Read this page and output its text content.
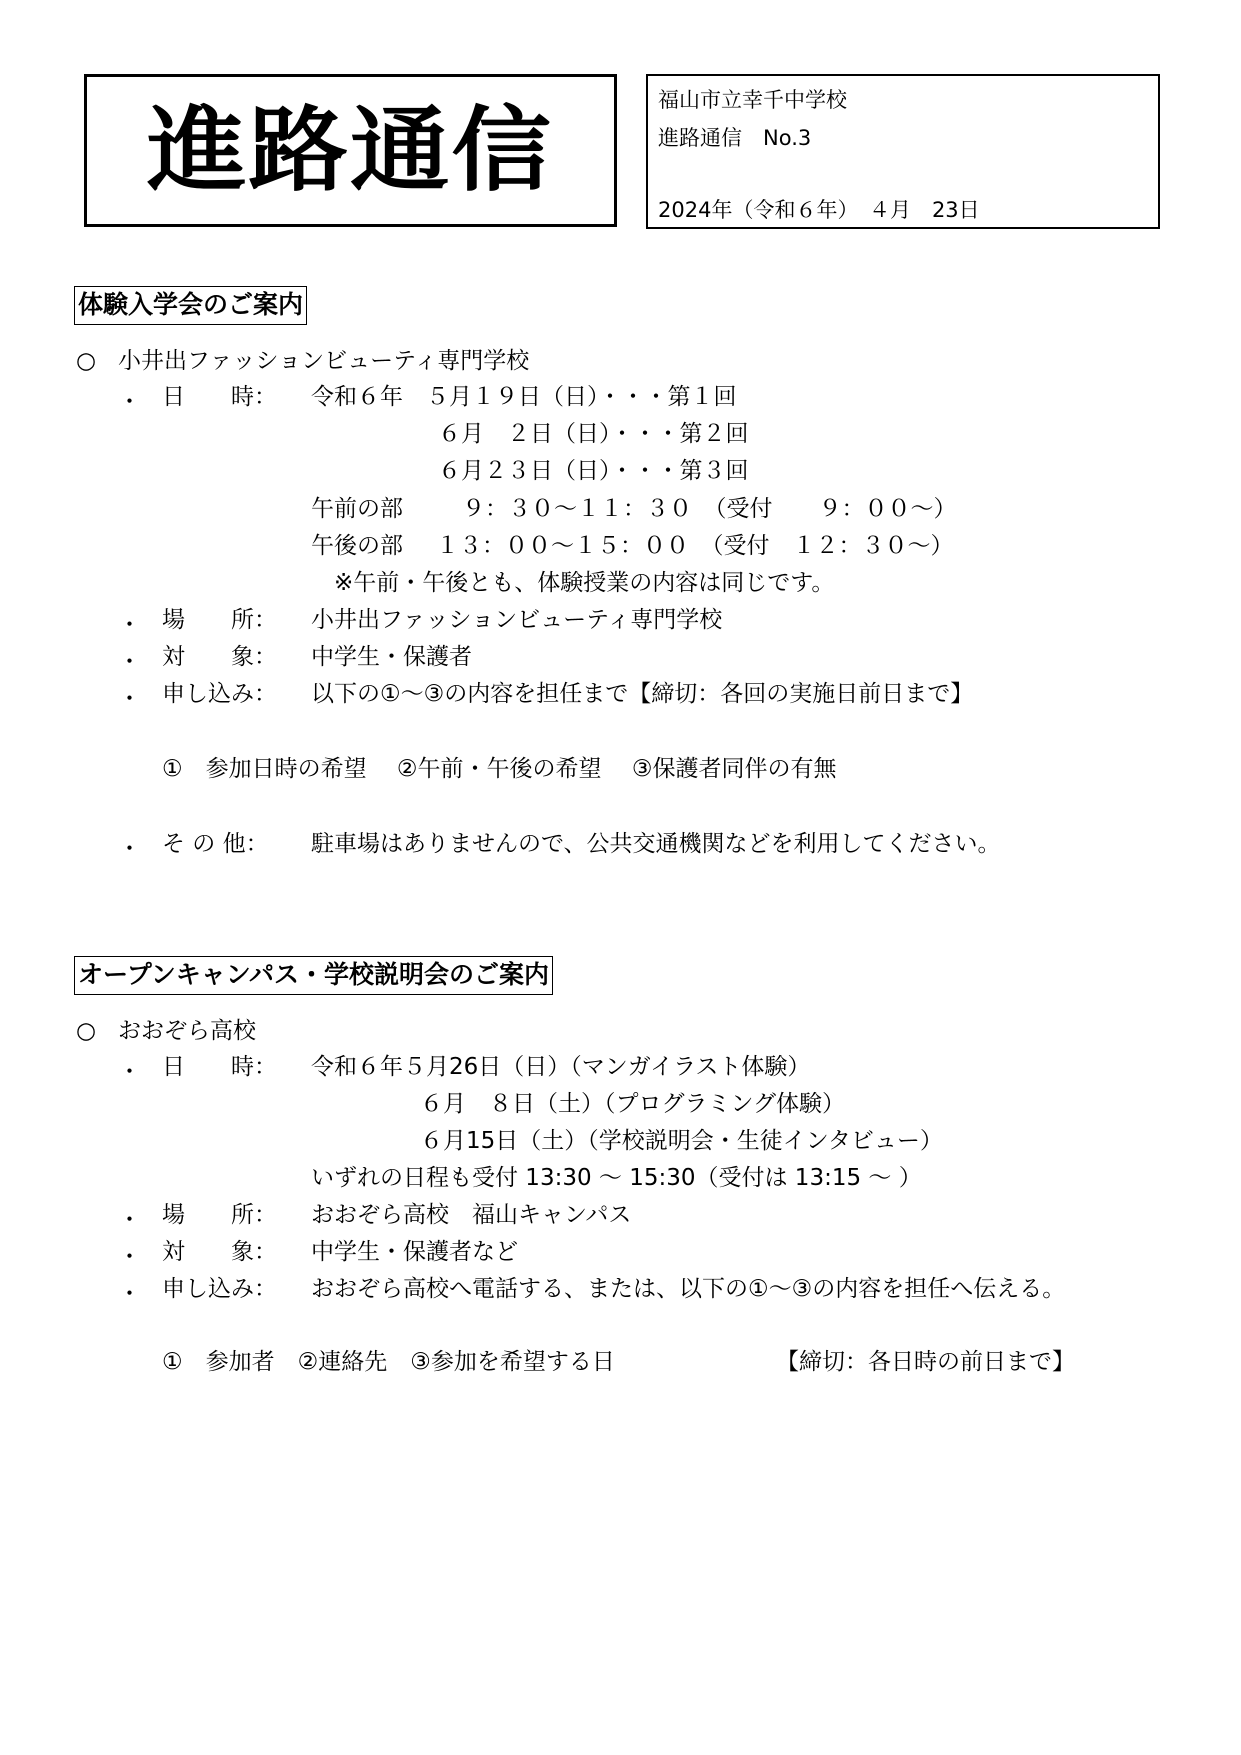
進路通信	福山市立幸千中学校
進路通信　No.3
2024年（令和６年）　４月　23日
体験入学会のご案内
○ 小井出ファッションビューティ専門学校
・ 日　　時： 令和６年　５月１９日（日）・・・第１回
６月　２日（日）・・・第２回
６月２３日（日）・・・第３回
午前の部	９：３０～１１：３０　（受付　　９：００～）
午後の部 １３：００～１５：００　（受付　１２：３０～）
※午前・午後とも、体験授業の内容は同じです。
・ 場　　所： 小井出ファッションビューティ専門学校
・ 対　　象： 中学生・保護者
・ 申し込み： 以下の①～③の内容を担任まで【締切：各回の実施日前日まで】
①　参加日時の希望　 ②午前・午後の希望　 ③保護者同伴の有無
・ そ の 他： 駐車場はありませんので、公共交通機関などを利用してください。
オープンキャンパス・学校説明会のご案内
○ おおぞら高校
・ 日　　時： 令和６年５月26日（日）（マンガイラスト体験）
６月　８日（土）（プログラミング体験）
６月15日（土）（学校説明会・生徒インタビュー）
いずれの日程も受付 13:30 ～ 15:30（受付は 13:15 ～ ）
・ 場　　所： おおぞら高校　福山キャンパス
・ 対　　象： 中学生・保護者など
・ 申し込み： おおぞら高校へ電話する、または、以下の①～③の内容を担任へ伝える。
①　参加者　②連絡先　③参加を希望する日	【締切：各日時の前日まで】
